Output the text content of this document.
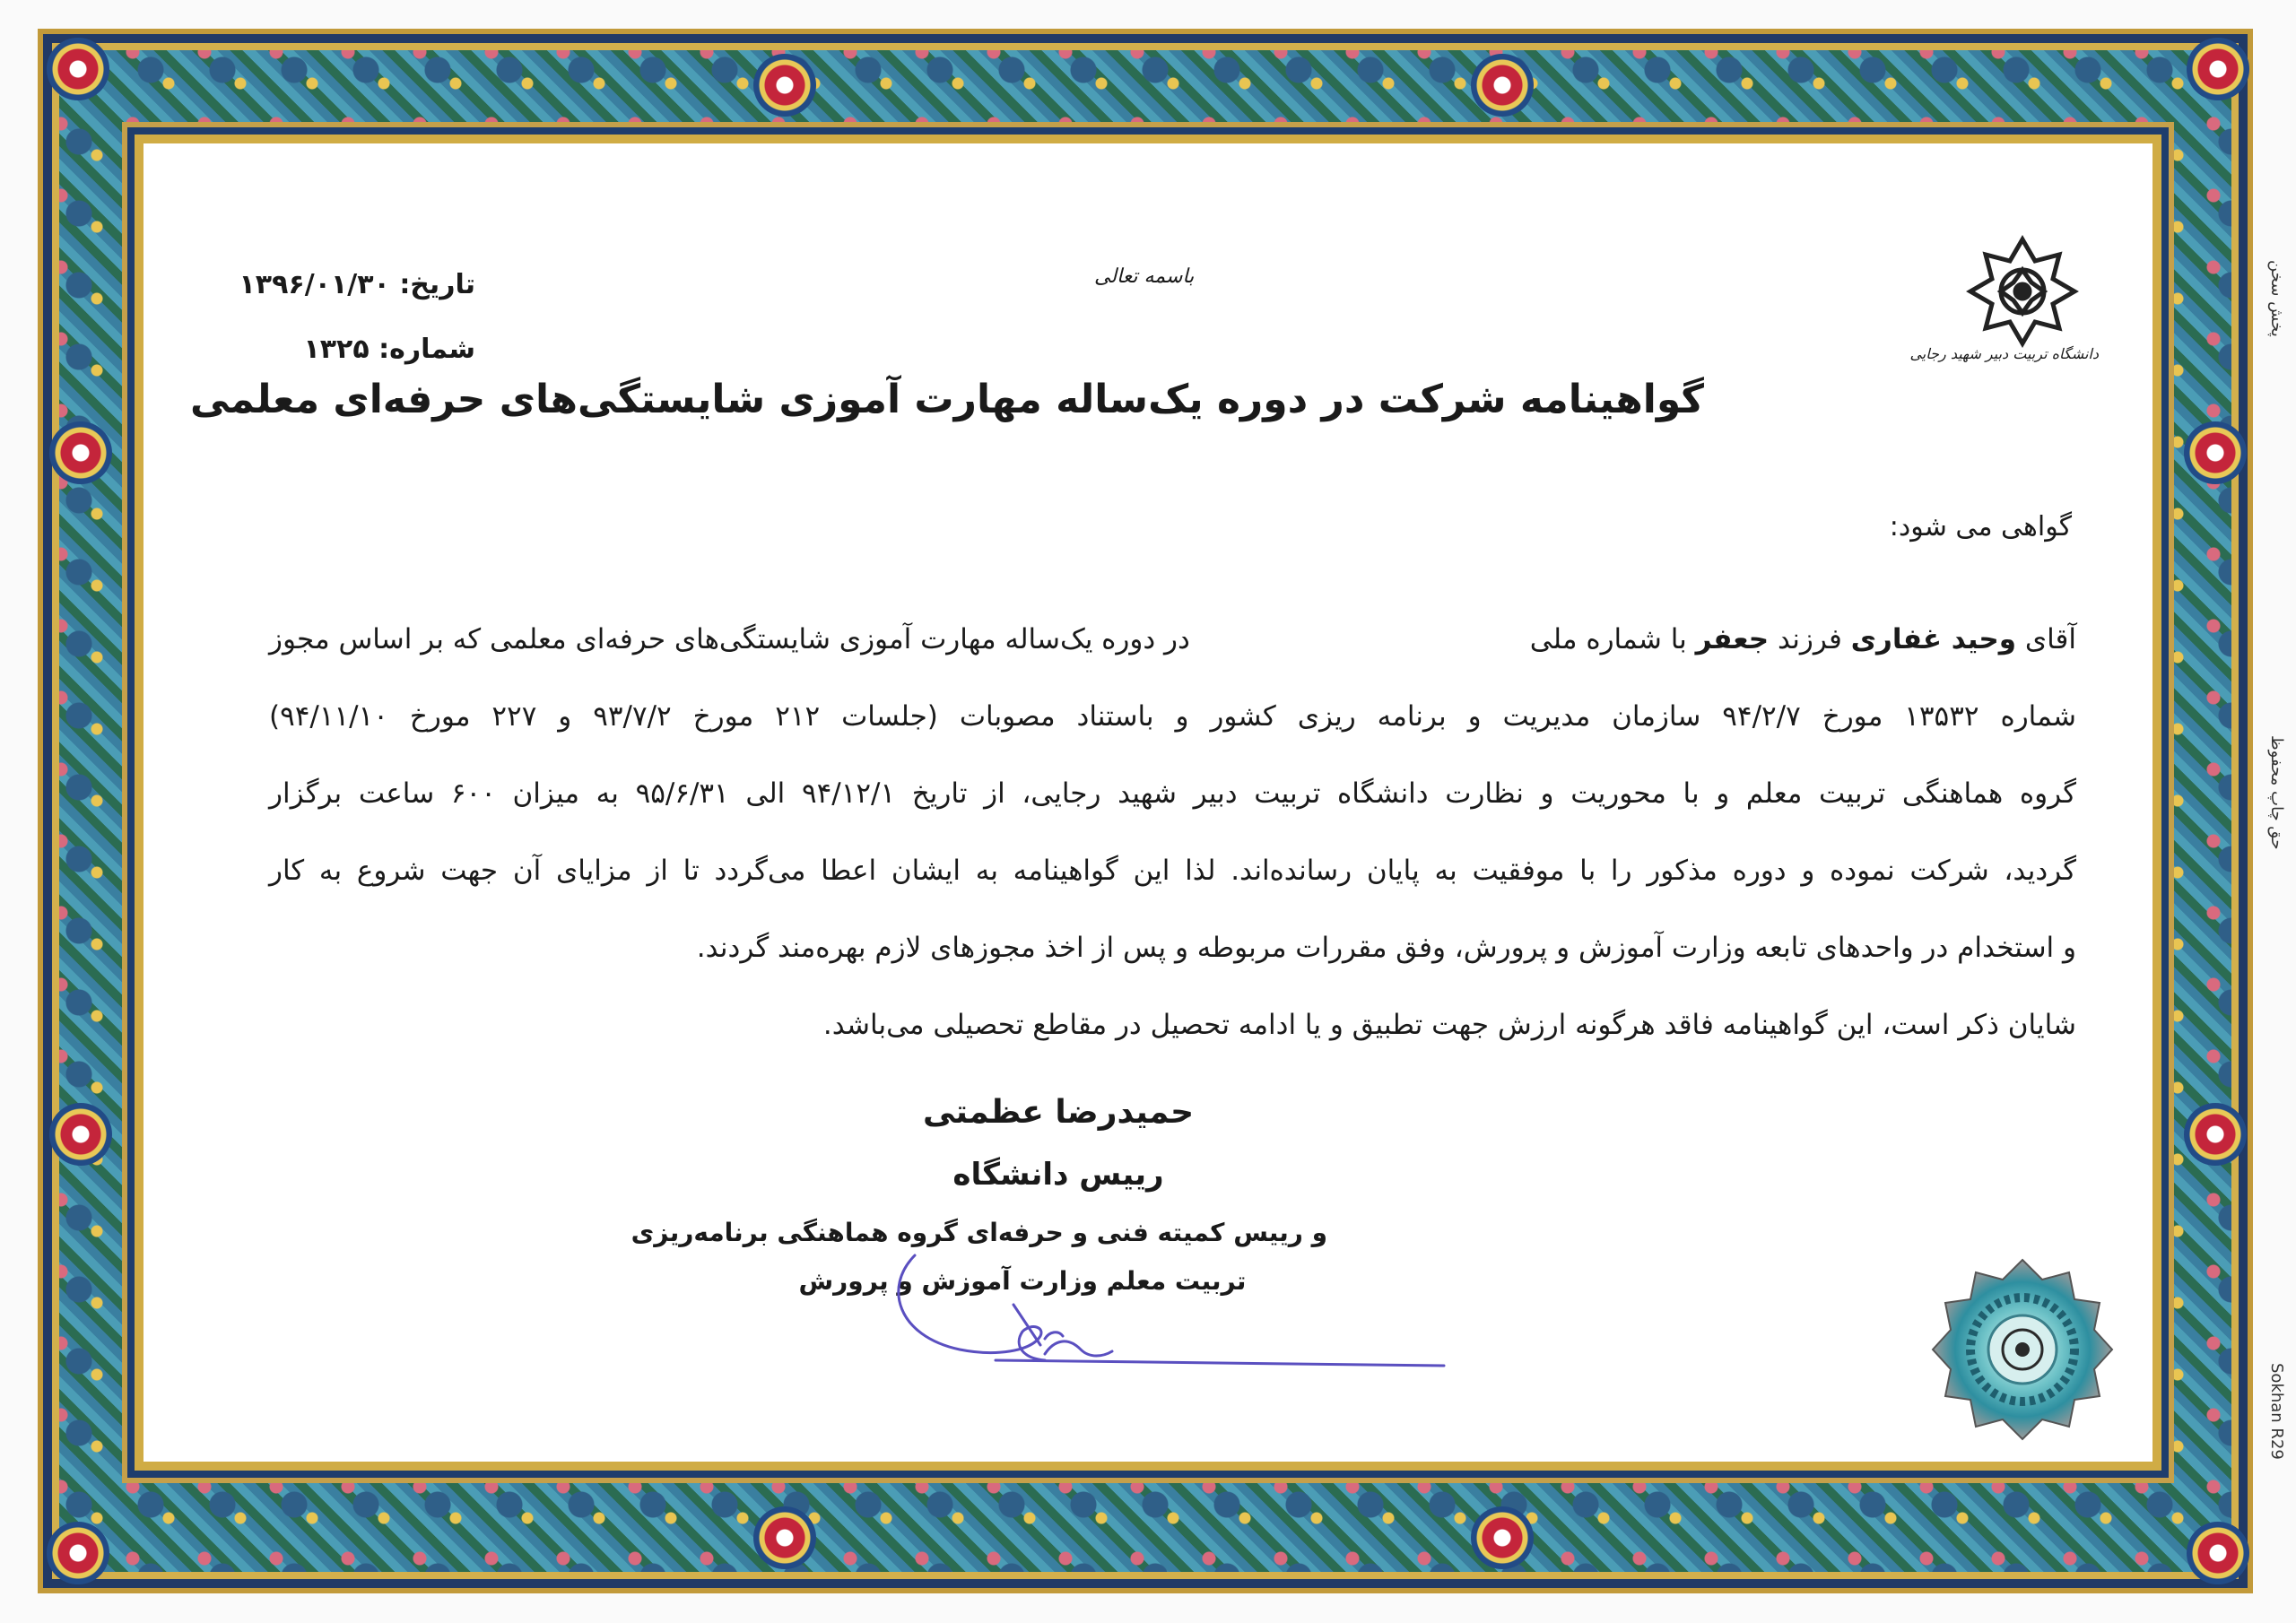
دانشگاه تربیت دبیر شهید رجایی
باسمه تعالی
تاریخ: ۱۳۹۶/۰۱/۳۰
شماره: ۱۳۲۵
گواهینامه شرکت در دوره یک‌ساله مهارت آموزی شایستگی‌های حرفه‌ای معلمی
گواهی می شود:
آقای وحید غفاری فرزند جعفر با شماره ملی
در دوره یک‌ساله مهارت آموزی شایستگی‌های حرفه‌ای معلمی که بر اساس مجوز
شماره ۱۳۵۳۲ مورخ ۹۴/۲/۷ سازمان مدیریت و برنامه ریزی کشور و باستناد مصوبات (جلسات ۲۱۲ مورخ ۹۳/۷/۲ و ۲۲۷ مورخ ۹۴/۱۱/۱۰)
گروه هماهنگی تربیت معلم و با محوریت و نظارت دانشگاه تربیت دبیر شهید رجایی، از تاریخ ۹۴/۱۲/۱ الی ۹۵/۶/۳۱ به میزان ۶۰۰ ساعت برگزار
گردید، شرکت نموده و دوره مذکور را با موفقیت به پایان رسانده‌اند. لذا این گواهینامه به ایشان اعطا می‌گردد تا از مزایای آن جهت شروع به کار
و استخدام در واحدهای تابعه وزارت آموزش و پرورش، وفق مقررات مربوطه و پس از اخذ مجوزهای لازم بهره‌مند گردند.
شایان ذکر است، این گواهینامه فاقد هرگونه ارزش جهت تطبیق و یا ادامه تحصیل در مقاطع تحصیلی می‌باشد.
حمیدرضا عظمتی
رییس دانشگاه
و رییس کمیته فنی و حرفه‌ای گروه هماهنگی برنامه‌ریزی
تربیت معلم وزارت آموزش و پرورش
پخش سخن
حق چاپ محفوظ
Sokhan R29
